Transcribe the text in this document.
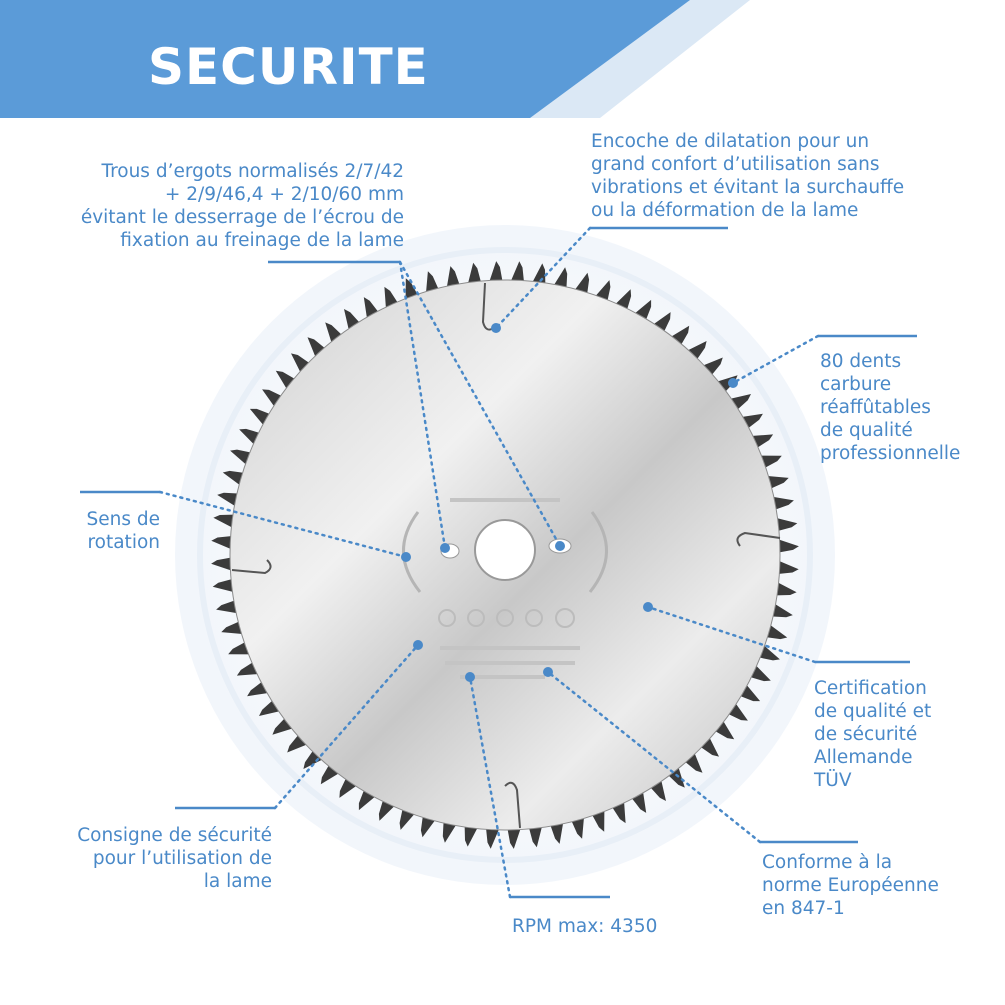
SECURITE
Trous d’ergots normalisés 2/7/42
+ 2/9/46,4 + 2/10/60 mm
évitant le desserrage de l’écrou de
fixation au freinage de la lame
Encoche de dilatation pour un
grand confort d’utilisation sans
vibrations et évitant la surchauffe
ou la déformation de la lame
80 dents
carbure
réaffûtables
de qualité
professionnelle
Sens de
rotation
Certification
de qualité et
de sécurité
Allemande
TÜV
Consigne de sécurité
pour l’utilisation de
la lame
Conforme à la
norme Européenne
en 847-1
RPM max: 4350
